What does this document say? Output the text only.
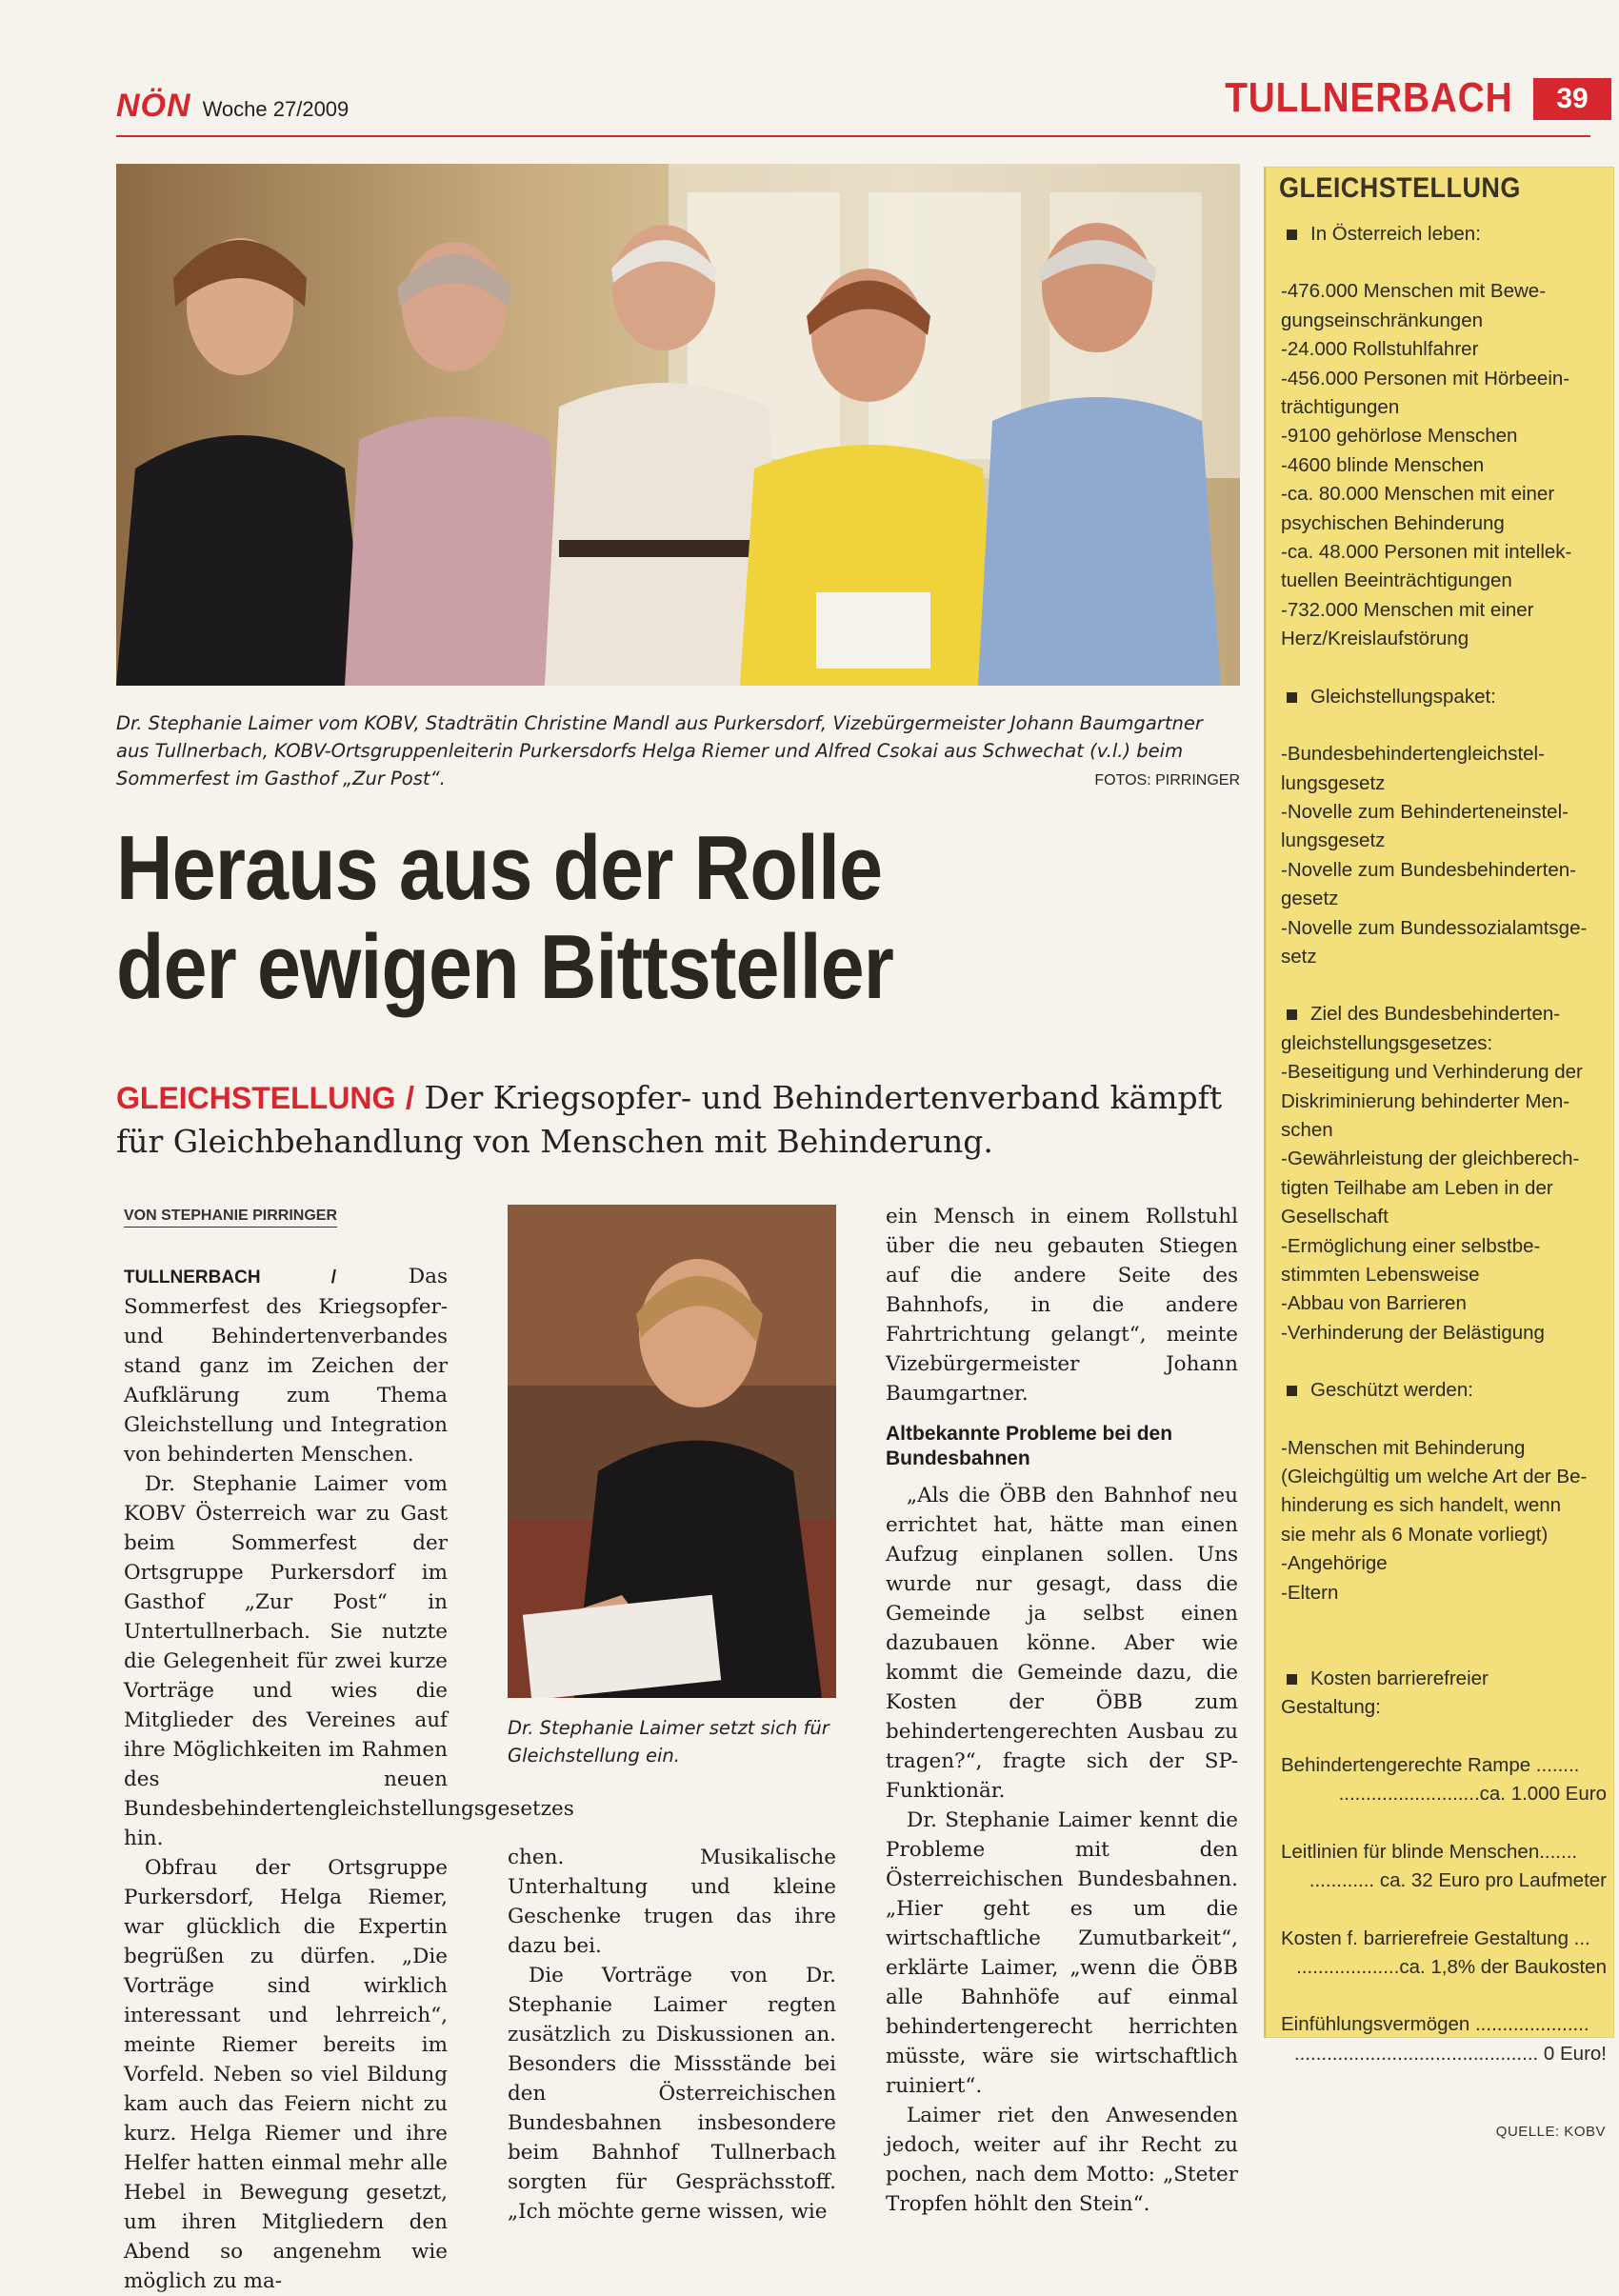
NÖN Woche 27/2009	TULLNERBACH	39
Dr. Stephanie Laimer vom KOBV, Stadträtin Christine Mandl aus Purkersdorf, Vizebürgermeister Johann Baumgartner aus Tullnerbach, KOBV-Ortsgruppenleiterin Purkersdorfs Helga Riemer und Alfred Csokai aus Schwechat (v.l.) beim Sommerfest im Gasthof „Zur Post“.	FOTOS: PIRRINGER
Heraus aus der Rolle
der ewigen Bittsteller
GLEICHSTELLUNG / Der Kriegsopfer- und Behindertenverband kämpft für Gleichbehandlung von Menschen mit Behinderung.
VON STEPHANIE PIRRINGER

TULLNERBACH /	Das Sommerfest des Kriegsopfer- und Behindertenverbandes stand ganz im Zeichen der Aufklärung zum Thema Gleichstellung und Integration von behinderten Menschen.

Dr. Stephanie Laimer vom KOBV Österreich war zu Gast beim Sommerfest der Ortsgruppe Purkersdorf im Gasthof „Zur Post“ in Untertullnerbach. Sie nutzte die Gelegenheit für zwei kurze Vorträge und wies die Mitglieder des Vereines auf ihre Möglichkeiten im Rahmen des neuen Bundesbehindertengleichstellungsgesetzes hin.

Obfrau der Ortsgruppe Purkersdorf, Helga Riemer, war glücklich die Expertin begrüßen zu dürfen. „Die Vorträge sind wirklich interessant und lehrreich“, meinte Riemer bereits im Vorfeld. Neben so viel Bildung kam auch das Feiern nicht zu kurz. Helga Riemer und ihre Helfer hatten einmal mehr alle Hebel in Bewegung gesetzt, um ihren Mitgliedern den Abend so angenehm wie möglich zu ma-

Dr. Stephanie Laimer setzt sich für Gleichstellung ein.

chen. Musikalische Unterhaltung und kleine Geschenke trugen das ihre dazu bei.

Die Vorträge von Dr. Stephanie Laimer regten zusätzlich zu Diskussionen an. Besonders die Missstände bei den Österreichischen Bundesbahnen insbesondere beim Bahnhof Tullnerbach sorgten für Gesprächsstoff. „Ich möchte gerne wissen, wie

ein Mensch in einem Rollstuhl über die neu gebauten Stiegen auf die andere Seite des Bahnhofs, in die andere Fahrtrichtung gelangt“, meinte Vizebürgermeister Johann Baumgartner.

Altbekannte Probleme bei den Bundesbahnen

„Als die ÖBB den Bahnhof neu errichtet hat, hätte man einen Aufzug einplanen sollen. Uns wurde nur gesagt, dass die Gemeinde ja selbst einen dazubauen könne. Aber wie kommt die Gemeinde dazu, die Kosten der ÖBB zum behindertengerechten Ausbau zu tragen?“, fragte sich der SP-Funktionär.

Dr. Stephanie Laimer kennt die Probleme mit den Österreichischen Bundesbahnen. „Hier geht es um die wirtschaftliche Zumutbarkeit“, erklärte Laimer, „wenn die ÖBB alle Bahnhöfe auf einmal behindertengerecht herrichten müsste, wäre sie wirtschaftlich ruiniert“.

Laimer riet den Anwesenden jedoch, weiter auf ihr Recht zu pochen, nach dem Motto: „Steter Tropfen höhlt den Stein“.

GLEICHSTELLUNG
In Österreich leben:
-476.000 Menschen mit Bewe-
gungseinschränkungen
-24.000 Rollstuhlfahrer
-456.000 Personen mit Hörbeein-
trächtigungen
-9100 gehörlose Menschen
-4600 blinde Menschen
-ca. 80.000 Menschen mit einer
psychischen Behinderung
-ca. 48.000 Personen mit intellek-
tuellen Beeinträchtigungen
-732.000 Menschen mit einer
Herz/Kreislaufstörung
Gleichstellungspaket:
-Bundesbehindertengleichstel-
lungsgesetz
-Novelle zum Behinderteneinstel-
lungsgesetz
-Novelle zum Bundesbehinderten-
gesetz
-Novelle zum Bundessozialamtsge-
setz
Ziel des Bundesbehinderten-
gleichstellungsgesetzes:
-Beseitigung und Verhinderung der
Diskriminierung behinderter Men-
schen
-Gewährleistung der gleichberech-
tigten Teilhabe am Leben in der
Gesellschaft
-Ermöglichung einer selbstbe-
stimmten Lebensweise
-Abbau von Barrieren
-Verhinderung der Belästigung
Geschützt werden:
-Menschen mit Behinderung
(Gleichgültig um welche Art der Be-
hinderung es sich handelt, wenn
sie mehr als 6 Monate vorliegt)
-Angehörige
-Eltern
Kosten barrierefreier
Gestaltung:
Behindertengerechte Rampe ........
..........................ca. 1.000 Euro
Leitlinien für blinde Menschen.......
............ ca. 32 Euro pro Laufmeter
Kosten f. barrierefreie Gestaltung ...
...................ca. 1,8% der Baukosten
Einfühlungsvermögen .....................
............................................. 0 Euro!
QUELLE: KOBV
